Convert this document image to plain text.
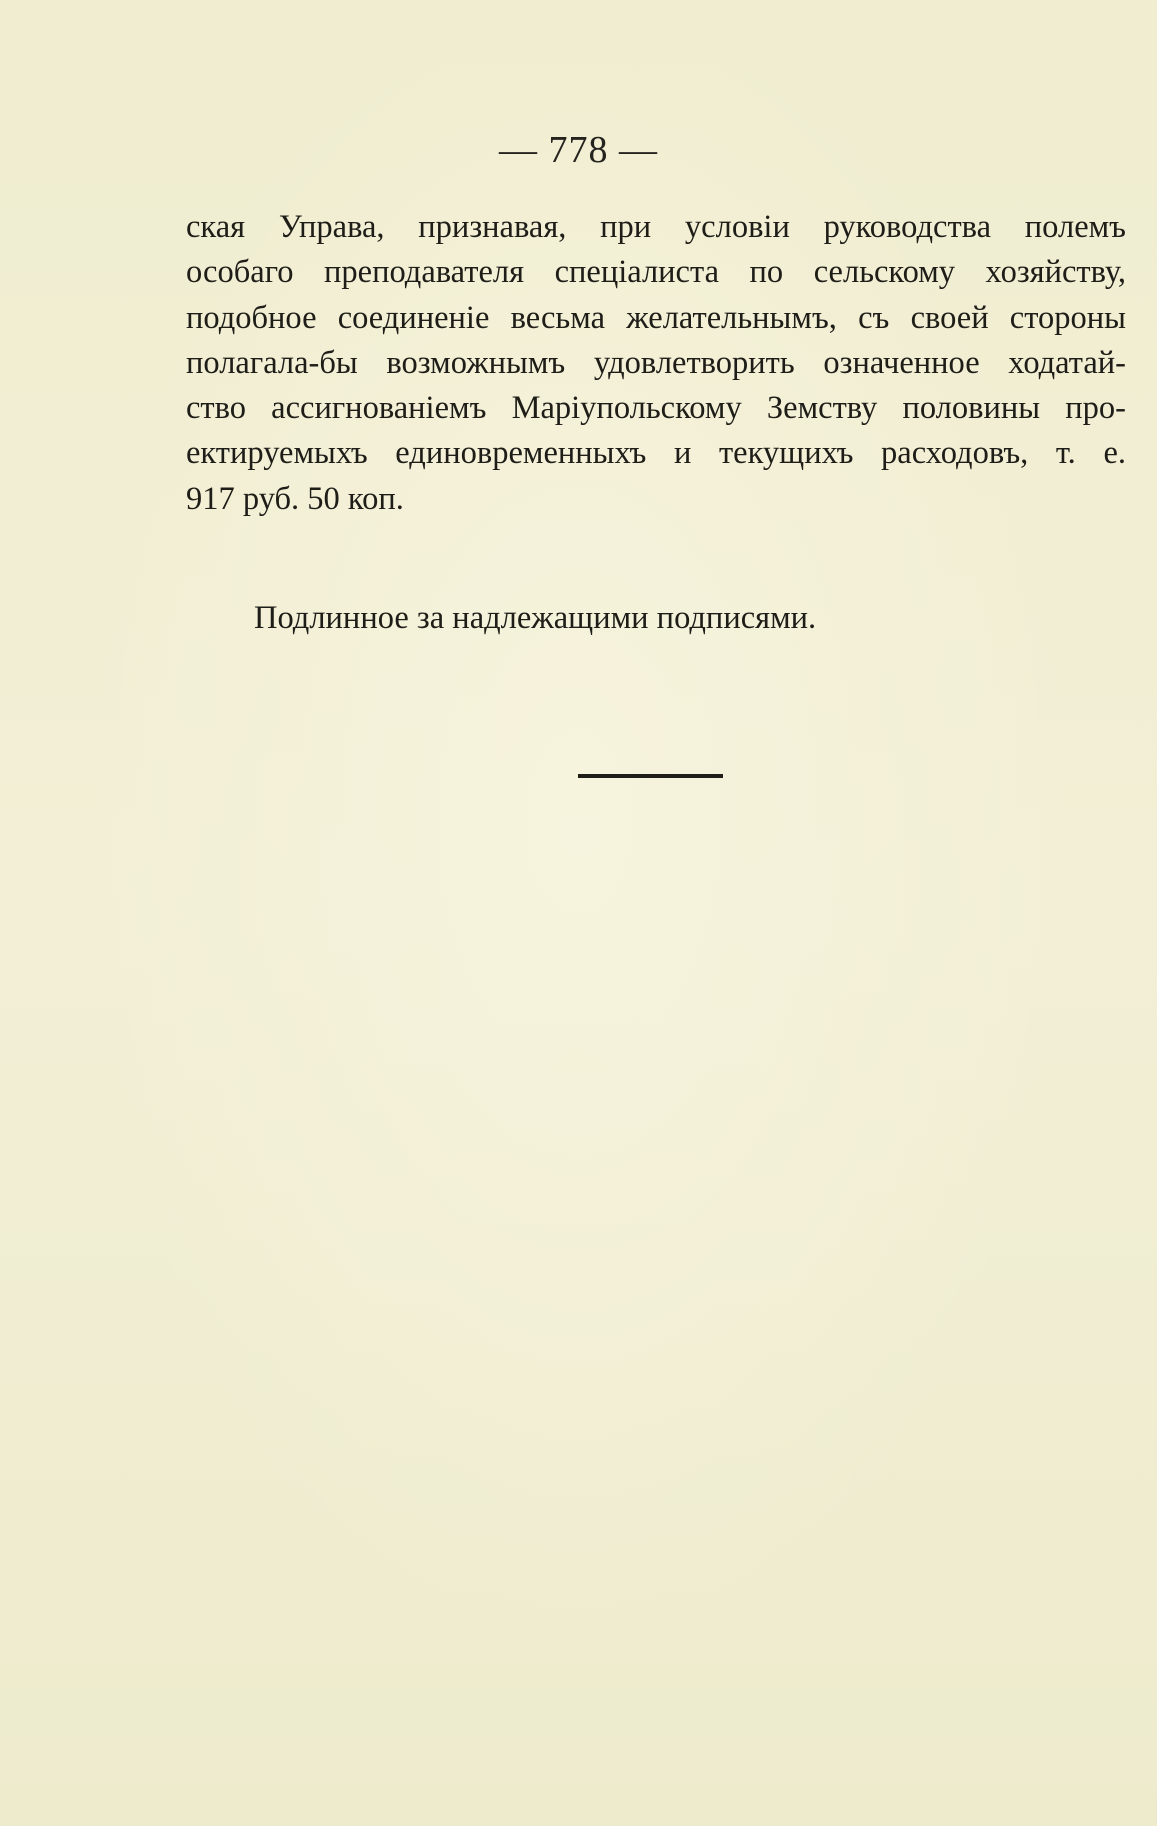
— 778 —
ская Управа, признавая, при условіи руководства полемъ
особаго преподавателя спеціалиста по сельскому хозяйству,
подобное соединеніе весьма желательнымъ, съ своей стороны
полагала-бы возможнымъ удовлетворить означенное ходатай-
ство ассигнованіемъ Маріупольскому Земству половины про-
ектируемыхъ единовременныхъ и текущихъ расходовъ, т. е.
917 руб. 50 коп.
Подлинное за надлежащими подписями.
